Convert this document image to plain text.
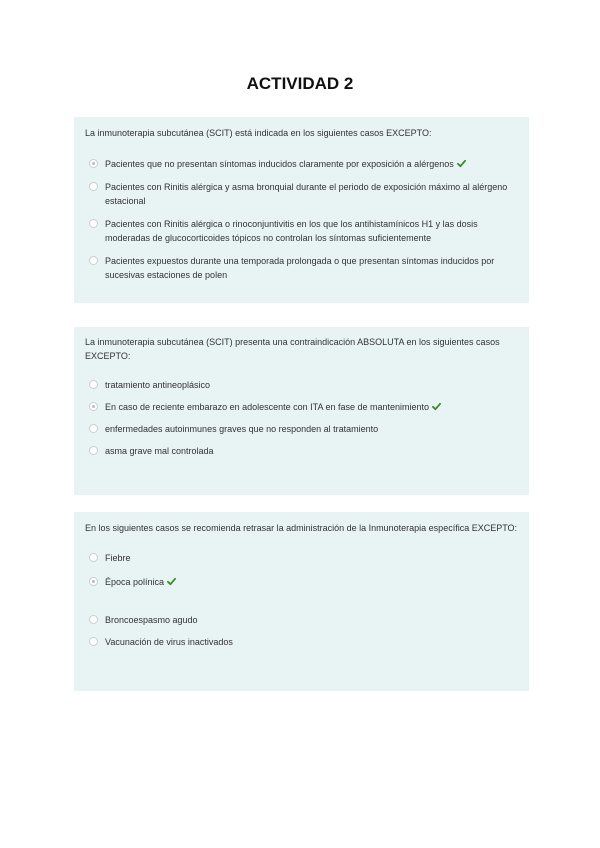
ACTIVIDAD 2
La inmunoterapia subcutánea (SCIT) está indicada en los siguientes casos EXCEPTO:
Pacientes que no presentan síntomas inducidos claramente por exposición a alérgenos
Pacientes con Rinitis alérgica y asma bronquial durante el periodo de exposición máximo al alérgeno estacional
Pacientes con Rinitis alérgica o rinoconjuntivitis en los que los antihistamínicos H1 y las dosis moderadas de glucocorticoides tópicos no controlan los síntomas suficientemente
Pacientes expuestos durante una temporada prolongada o que presentan síntomas inducidos por sucesivas estaciones de polen
La inmunoterapia subcutánea (SCIT) presenta una contraindicación ABSOLUTA en los siguientes casos EXCEPTO:
tratamiento antineoplásico
En caso de reciente embarazo en adolescente con ITA en fase de mantenimiento
enfermedades autoinmunes graves que no responden al tratamiento
asma grave mal controlada
En los siguientes casos se recomienda retrasar la administración de la Inmunoterapia específica EXCEPTO:
Fiebre
Época polínica
Broncoespasmo agudo
Vacunación de virus inactivados
